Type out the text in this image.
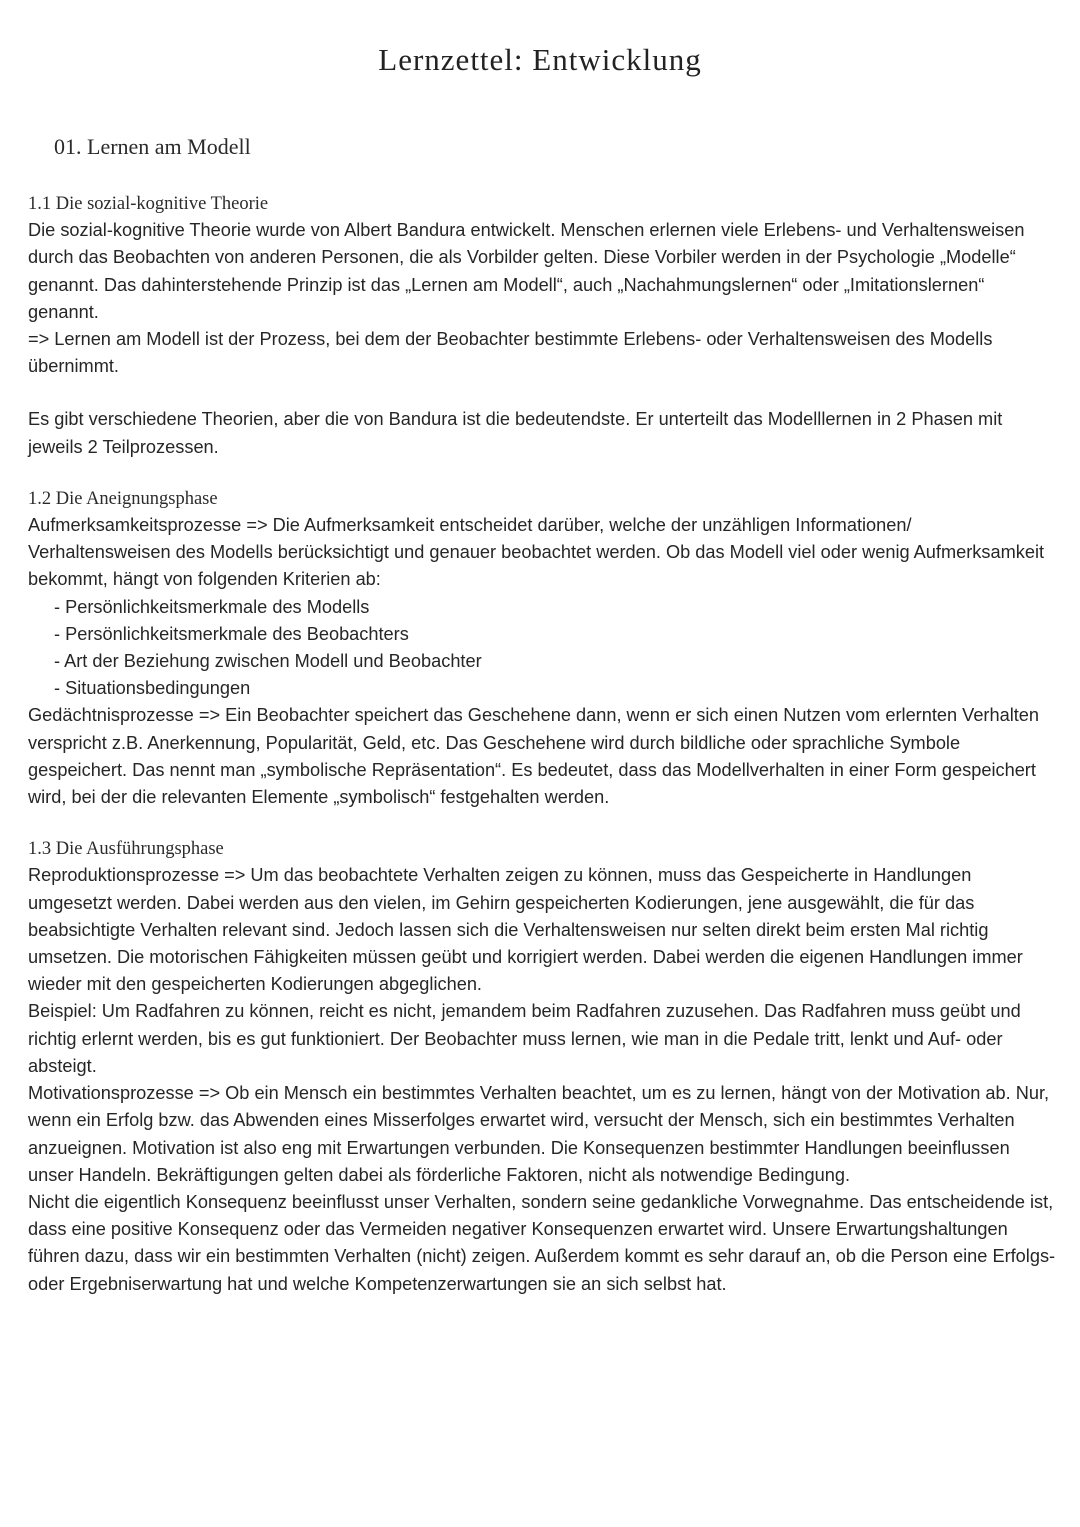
Lernzettel: Entwicklung
01. Lernen am Modell
1.1 Die sozial-kognitive Theorie

Die sozial-kognitive Theorie wurde von Albert Bandura entwickelt. Menschen erlernen viele Erlebens- und Verhaltensweisen durch das Beobachten von anderen Personen, die als Vorbilder gelten. Diese Vorbiler werden in der Psychologie „Modelle“ genannt. Das dahinterstehende Prinzip ist das „Lernen am Modell“, auch „Nachahmungslernen“ oder „Imitationslernen“ genannt.

=> Lernen am Modell ist der Prozess, bei dem der Beobachter bestimmte Erlebens- oder Verhaltensweisen des Modells übernimmt.

Es gibt verschiedene Theorien, aber die von Bandura ist die bedeutendste. Er unterteilt das Modelllernen in 2 Phasen mit jeweils 2 Teilprozessen.

1.2 Die Aneignungsphase

Aufmerksamkeitsprozesse => Die Aufmerksamkeit entscheidet darüber, welche der unzähligen Informationen/ Verhaltensweisen des Modells berücksichtigt und genauer beobachtet werden. Ob das Modell viel oder wenig Aufmerksamkeit bekommt, hängt von folgenden Kriterien ab:

- Persönlichkeitsmerkmale des Modells
- Persönlichkeitsmerkmale des Beobachters
- Art der Beziehung zwischen Modell und Beobachter
- Situationsbedingungen

Gedächtnisprozesse => Ein Beobachter speichert das Geschehene dann, wenn er sich einen Nutzen vom erlernten Verhalten verspricht z.B. Anerkennung, Popularität, Geld, etc. Das Geschehene wird durch bildliche oder sprachliche Symbole gespeichert. Das nennt man „symbolische Repräsentation“. Es bedeutet, dass das Modellverhalten in einer Form gespeichert wird, bei der die relevanten Elemente „symbolisch“ festgehalten werden.

1.3 Die Ausführungsphase

Reproduktionsprozesse => Um das beobachtete Verhalten zeigen zu können, muss das Gespeicherte in Handlungen umgesetzt werden. Dabei werden aus den vielen, im Gehirn gespeicherten Kodierungen, jene ausgewählt, die für das beabsichtigte Verhalten relevant sind. Jedoch lassen sich die Verhaltensweisen nur selten direkt beim ersten Mal richtig umsetzen. Die motorischen Fähigkeiten müssen geübt und korrigiert werden. Dabei werden die eigenen Handlungen immer wieder mit den gespeicherten Kodierungen abgeglichen.

Beispiel: Um Radfahren zu können, reicht es nicht, jemandem beim Radfahren zuzusehen. Das Radfahren muss geübt und richtig erlernt werden, bis es gut funktioniert. Der Beobachter muss lernen, wie man in die Pedale tritt, lenkt und Auf- oder absteigt.

Motivationsprozesse => Ob ein Mensch ein bestimmtes Verhalten beachtet, um es zu lernen, hängt von der Motivation ab. Nur, wenn ein Erfolg bzw. das Abwenden eines Misserfolges erwartet wird, versucht der Mensch, sich ein bestimmtes Verhalten anzueignen. Motivation ist also eng mit Erwartungen verbunden. Die Konsequenzen bestimmter Handlungen beeinflussen unser Handeln. Bekräftigungen gelten dabei als förderliche Faktoren, nicht als notwendige Bedingung.

Nicht die eigentlich Konsequenz beeinflusst unser Verhalten, sondern seine gedankliche Vorwegnahme. Das entscheidende ist, dass eine positive Konsequenz oder das Vermeiden negativer Konsequenzen erwartet wird. Unsere Erwartungshaltungen führen dazu, dass wir ein bestimmten Verhalten (nicht) zeigen. Außerdem kommt es sehr darauf an, ob die Person eine Erfolgs- oder Ergebniserwartung hat und welche Kompetenzerwartungen sie an sich selbst hat.
